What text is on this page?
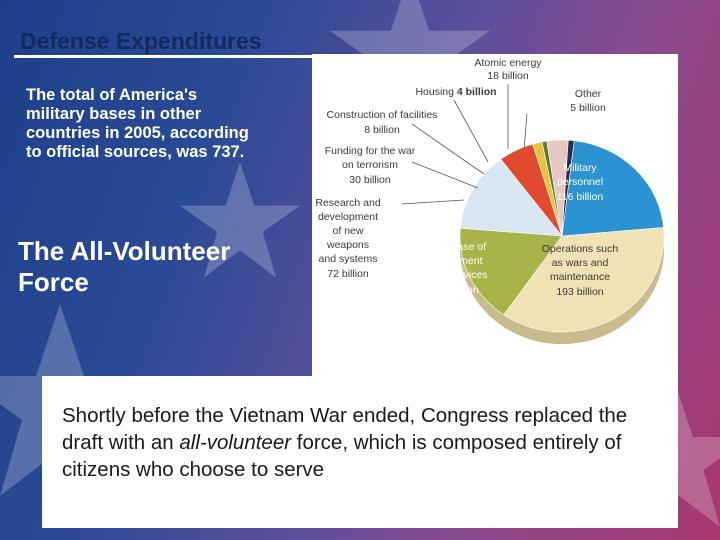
Defense Expenditures
The total of America's military bases in other countries in 2005, according to official sources, was 737.
The All-Volunteer Force
Atomic energy
18 billion
Other
5 billion
Housing 4 billion
Construction of facilities
8 billion
Funding for the war
on terrorism
30 billion
Research and
development
of new
weapons
and systems
72 billion
Military
personnel
116 billion
Operations such
as wars and
maintenance
193 billion
Purchase of
equipment
and services
89 billion
Shortly before the Vietnam War ended, Congress replaced the draft with an all-volunteer force, which is composed entirely of citizens who choose to serve
